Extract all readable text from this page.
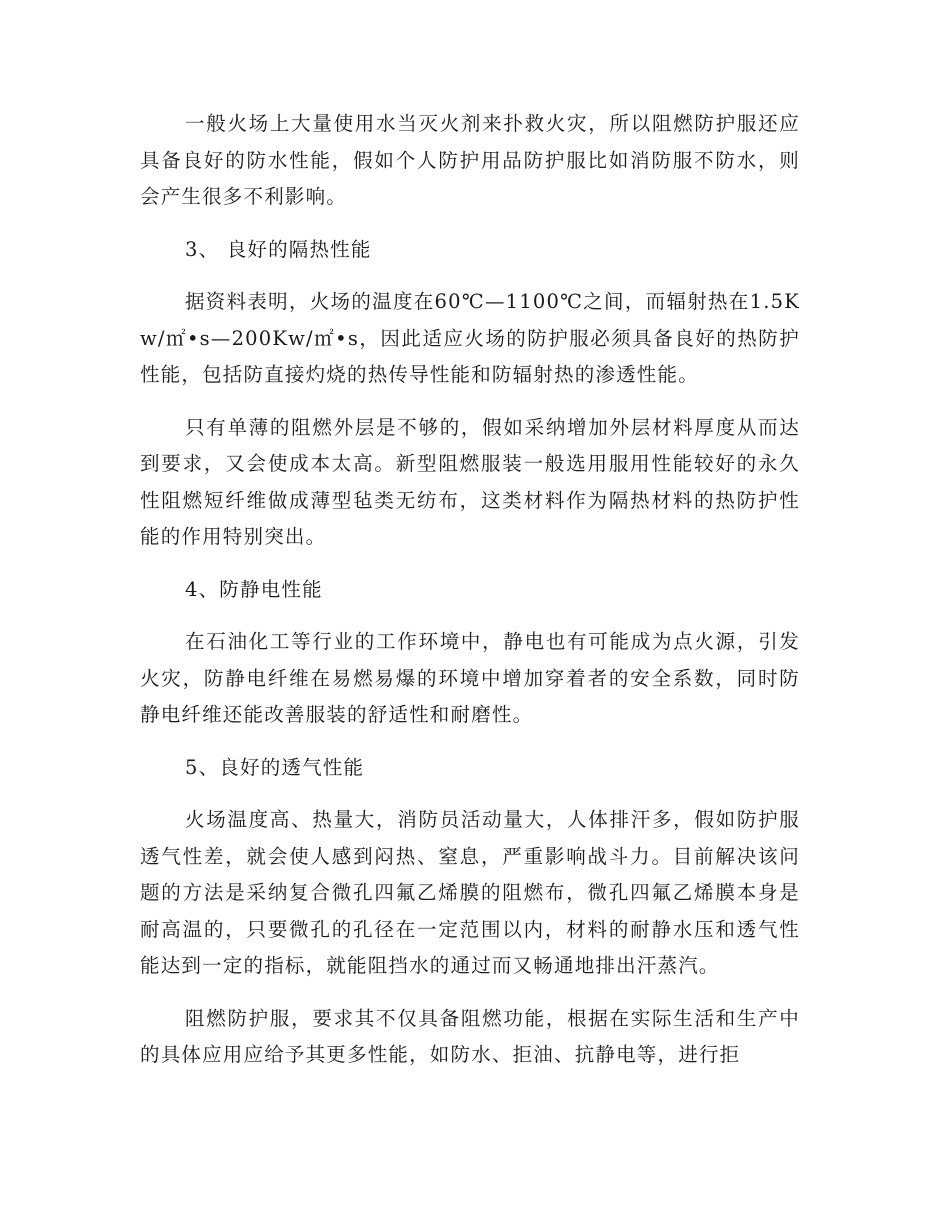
一般火场上大量使用水当灭火剂来扑救火灾，所以阻燃防护服还应具备良好的防水性能，假如个人防护用品防护服比如消防服不防水，则会产生很多不利影响。

3、 良好的隔热性能

据资料表明，火场的温度在60℃—1100℃之间，而辐射热在1.5Kw/㎡•s—200Kw/㎡•s，因此适应火场的防护服必须具备良好的热防护性能，包括防直接灼烧的热传导性能和防辐射热的渗透性能。

只有单薄的阻燃外层是不够的，假如采纳增加外层材料厚度从而达到要求，又会使成本太高。新型阻燃服装一般选用服用性能较好的永久性阻燃短纤维做成薄型毡类无纺布，这类材料作为隔热材料的热防护性能的作用特别突出。

4、防静电性能

在石油化工等行业的工作环境中，静电也有可能成为点火源，引发火灾，防静电纤维在易燃易爆的环境中增加穿着者的安全系数，同时防静电纤维还能改善服装的舒适性和耐磨性。

5、良好的透气性能

火场温度高、热量大，消防员活动量大，人体排汗多，假如防护服透气性差，就会使人感到闷热、窒息，严重影响战斗力。目前解决该问题的方法是采纳复合微孔四氟乙烯膜的阻燃布，微孔四氟乙烯膜本身是耐高温的，只要微孔的孔径在一定范围以内，材料的耐静水压和透气性能达到一定的指标，就能阻挡水的通过而又畅通地排出汗蒸汽。

阻燃防护服，要求其不仅具备阻燃功能，根据在实际生活和生产中的具体应用应给予其更多性能，如防水、拒油、抗静电等，进行拒
